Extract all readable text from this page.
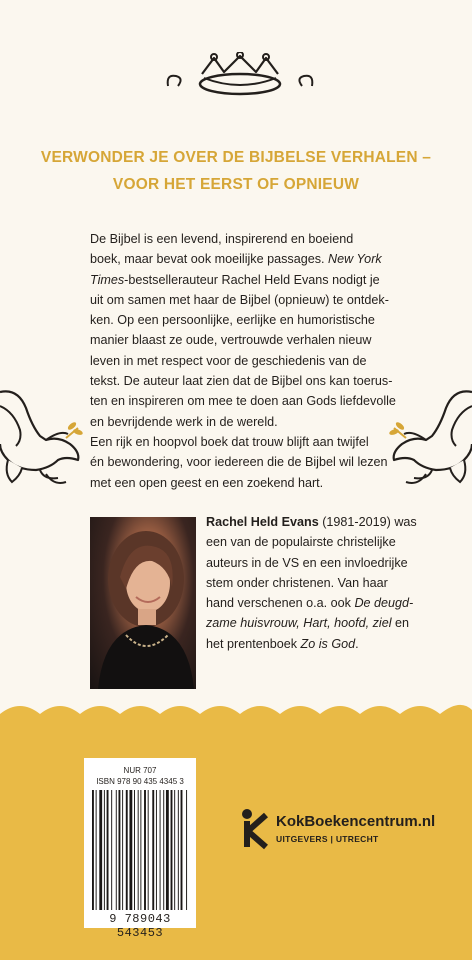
VERWONDER JE OVER DE BIJBELSE VERHALEN –
VOOR HET EERST OF OPNIEUW
De Bijbel is een levend, inspirerend en boeiend
boek, maar bevat ook moeilijke passages. New York
Times-bestsellerauteur Rachel Held Evans nodigt je
uit om samen met haar de Bijbel (opnieuw) te ontdek-
ken. Op een persoonlijke, eerlijke en humoristische
manier blaast ze oude, vertrouwde verhalen nieuw
leven in met respect voor de geschiedenis van de
tekst. De auteur laat zien dat de Bijbel ons kan toerus-
ten en inspireren om mee te doen aan Gods liefdevolle
en bevrijdende werk in de wereld.
Een rijk en hoopvol boek dat trouw blijft aan twijfel
én bewondering, voor iedereen die de Bijbel wil lezen
met een open geest en een zoekend hart.
Rachel Held Evans (1981-2019) was
een van de populairste christelijke
auteurs in de VS en een invloedrijke
stem onder christenen. Van haar
hand verschenen o.a. ook De deugd-
zame huisvrouw, Hart, hoofd, ziel en
het prentenboek Zo is God.
NUR 707
ISBN 978 90 435 4345 3
9 789043 543453
KokBoekencentrum.nl
UITGEVERS | UTRECHT
